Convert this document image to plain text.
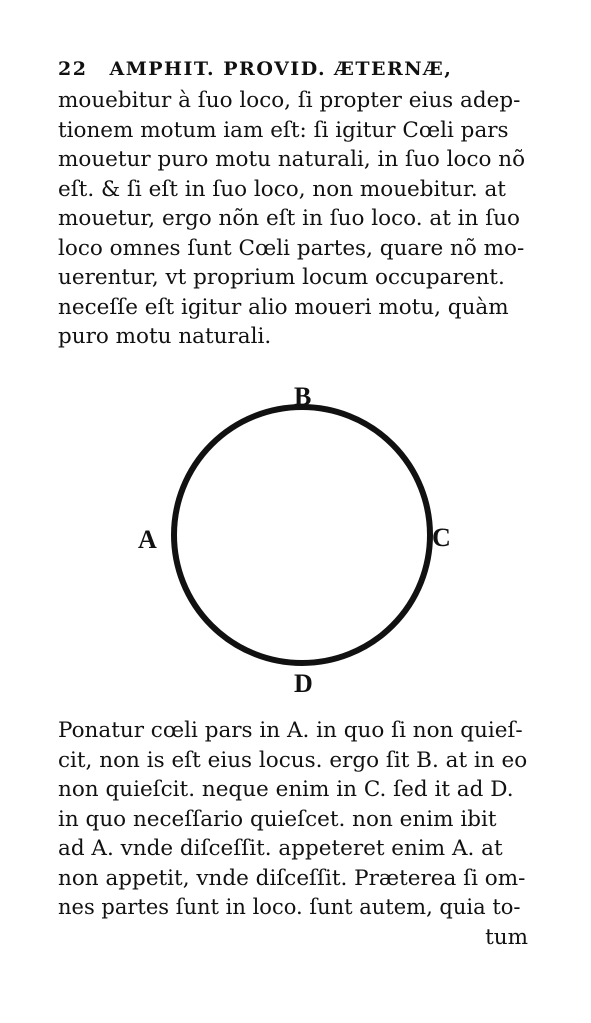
22 AMPHIT. PROVID. ÆTERNÆ,
mouebitur à ſuo loco, ſi propter eius adep-
tionem motum iam eſt: ſi igitur Cœli pars
mouetur puro motu naturali, in ſuo loco nõ
eſt. & ſi eſt in ſuo loco, non mouebitur. at
mouetur, ergo nõn eſt in ſuo loco. at in ſuo
loco omnes ſunt Cœli partes, quare nõ mo-
uerentur, vt proprium locum occuparent.
neceſſe eſt igitur alio moueri motu, quàm
puro motu naturali.
B
A	C
D
Ponatur cœli pars in A. in quo ſi non quieſ-
cit, non is eſt eius locus. ergo ſit B. at in eo
non quieſcit. neque enim in C. ſed it ad D.
in quo neceſſario quieſcet. non enim ibit
ad A. vnde diſceſſit. appeteret enim A. at
non appetit, vnde diſceſſit. Præterea ſi om-
nes partes ſunt in loco. ſunt autem, quia to-
tum
